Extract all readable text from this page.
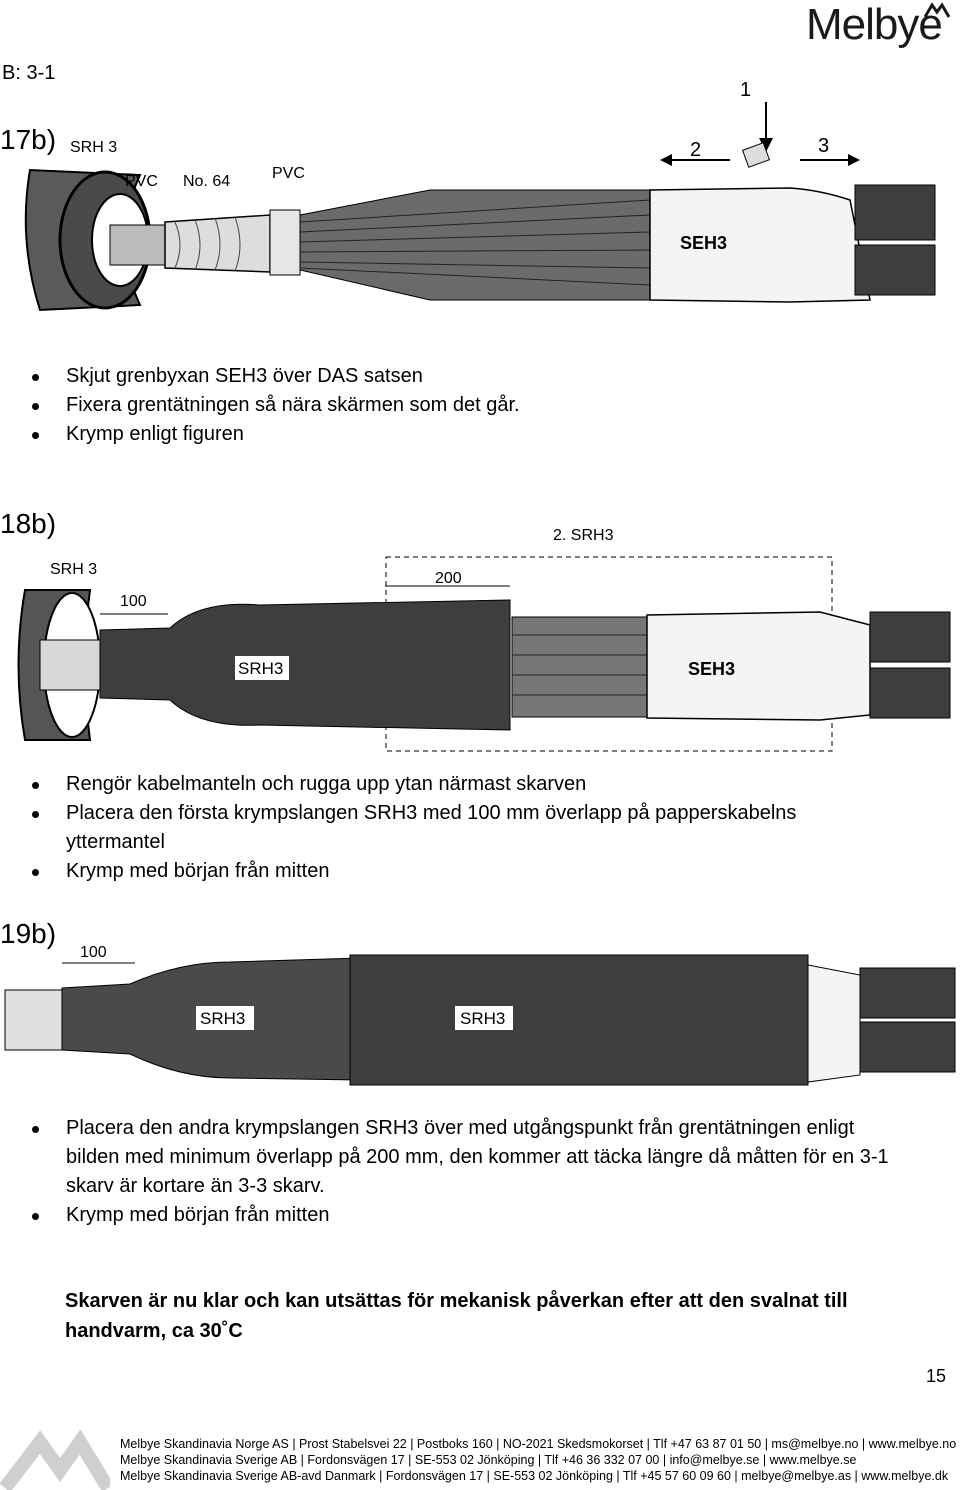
Melbye
B: 3-1
17b) SRH 3
PVC No. 64	PVC
1
2	3
SEH3
Skjut grenbyxan SEH3 över DAS satsen
Fixera grentätningen så nära skärmen som det går.
Krymp enligt figuren
18b)
SRH3
SRH 3
100
2. SRH3
200
SEH3
Rengör kabelmanteln och rugga upp ytan närmast skarven
Placera den första krympslangen SRH3 med 100 mm överlapp på papperskabelns yttermantel
Krymp med början från mitten
19b)
100
SRH3	SRH3
Placera den andra krympslangen SRH3 över med utgångspunkt från grentätningen enligt bilden med minimum överlapp på 200 mm, den kommer att täcka längre då måtten för en 3-1 skarv är kortare än 3-3 skarv.
Krymp med början från mitten
Skarven är nu klar och kan utsättas för mekanisk påverkan efter att den svalnat till handvarm, ca 30˚C
15
Melbye Skandinavia Norge AS | Prost Stabelsvei 22 | Postboks 160 | NO-2021 Skedsmokorset | Tlf +47 63 87 01 50 | ms@melbye.no | www.melbye.no
Melbye Skandinavia Sverige AB | Fordonsvägen 17 | SE-553 02 Jönköping | Tlf +46 36 332 07 00 | info@melbye.se | www.melbye.se
Melbye Skandinavia Sverige AB-avd Danmark | Fordonsvägen 17 | SE-553 02 Jönköping | Tlf +45 57 60 09 60 | melbye@melbye.as | www.melbye.dk
